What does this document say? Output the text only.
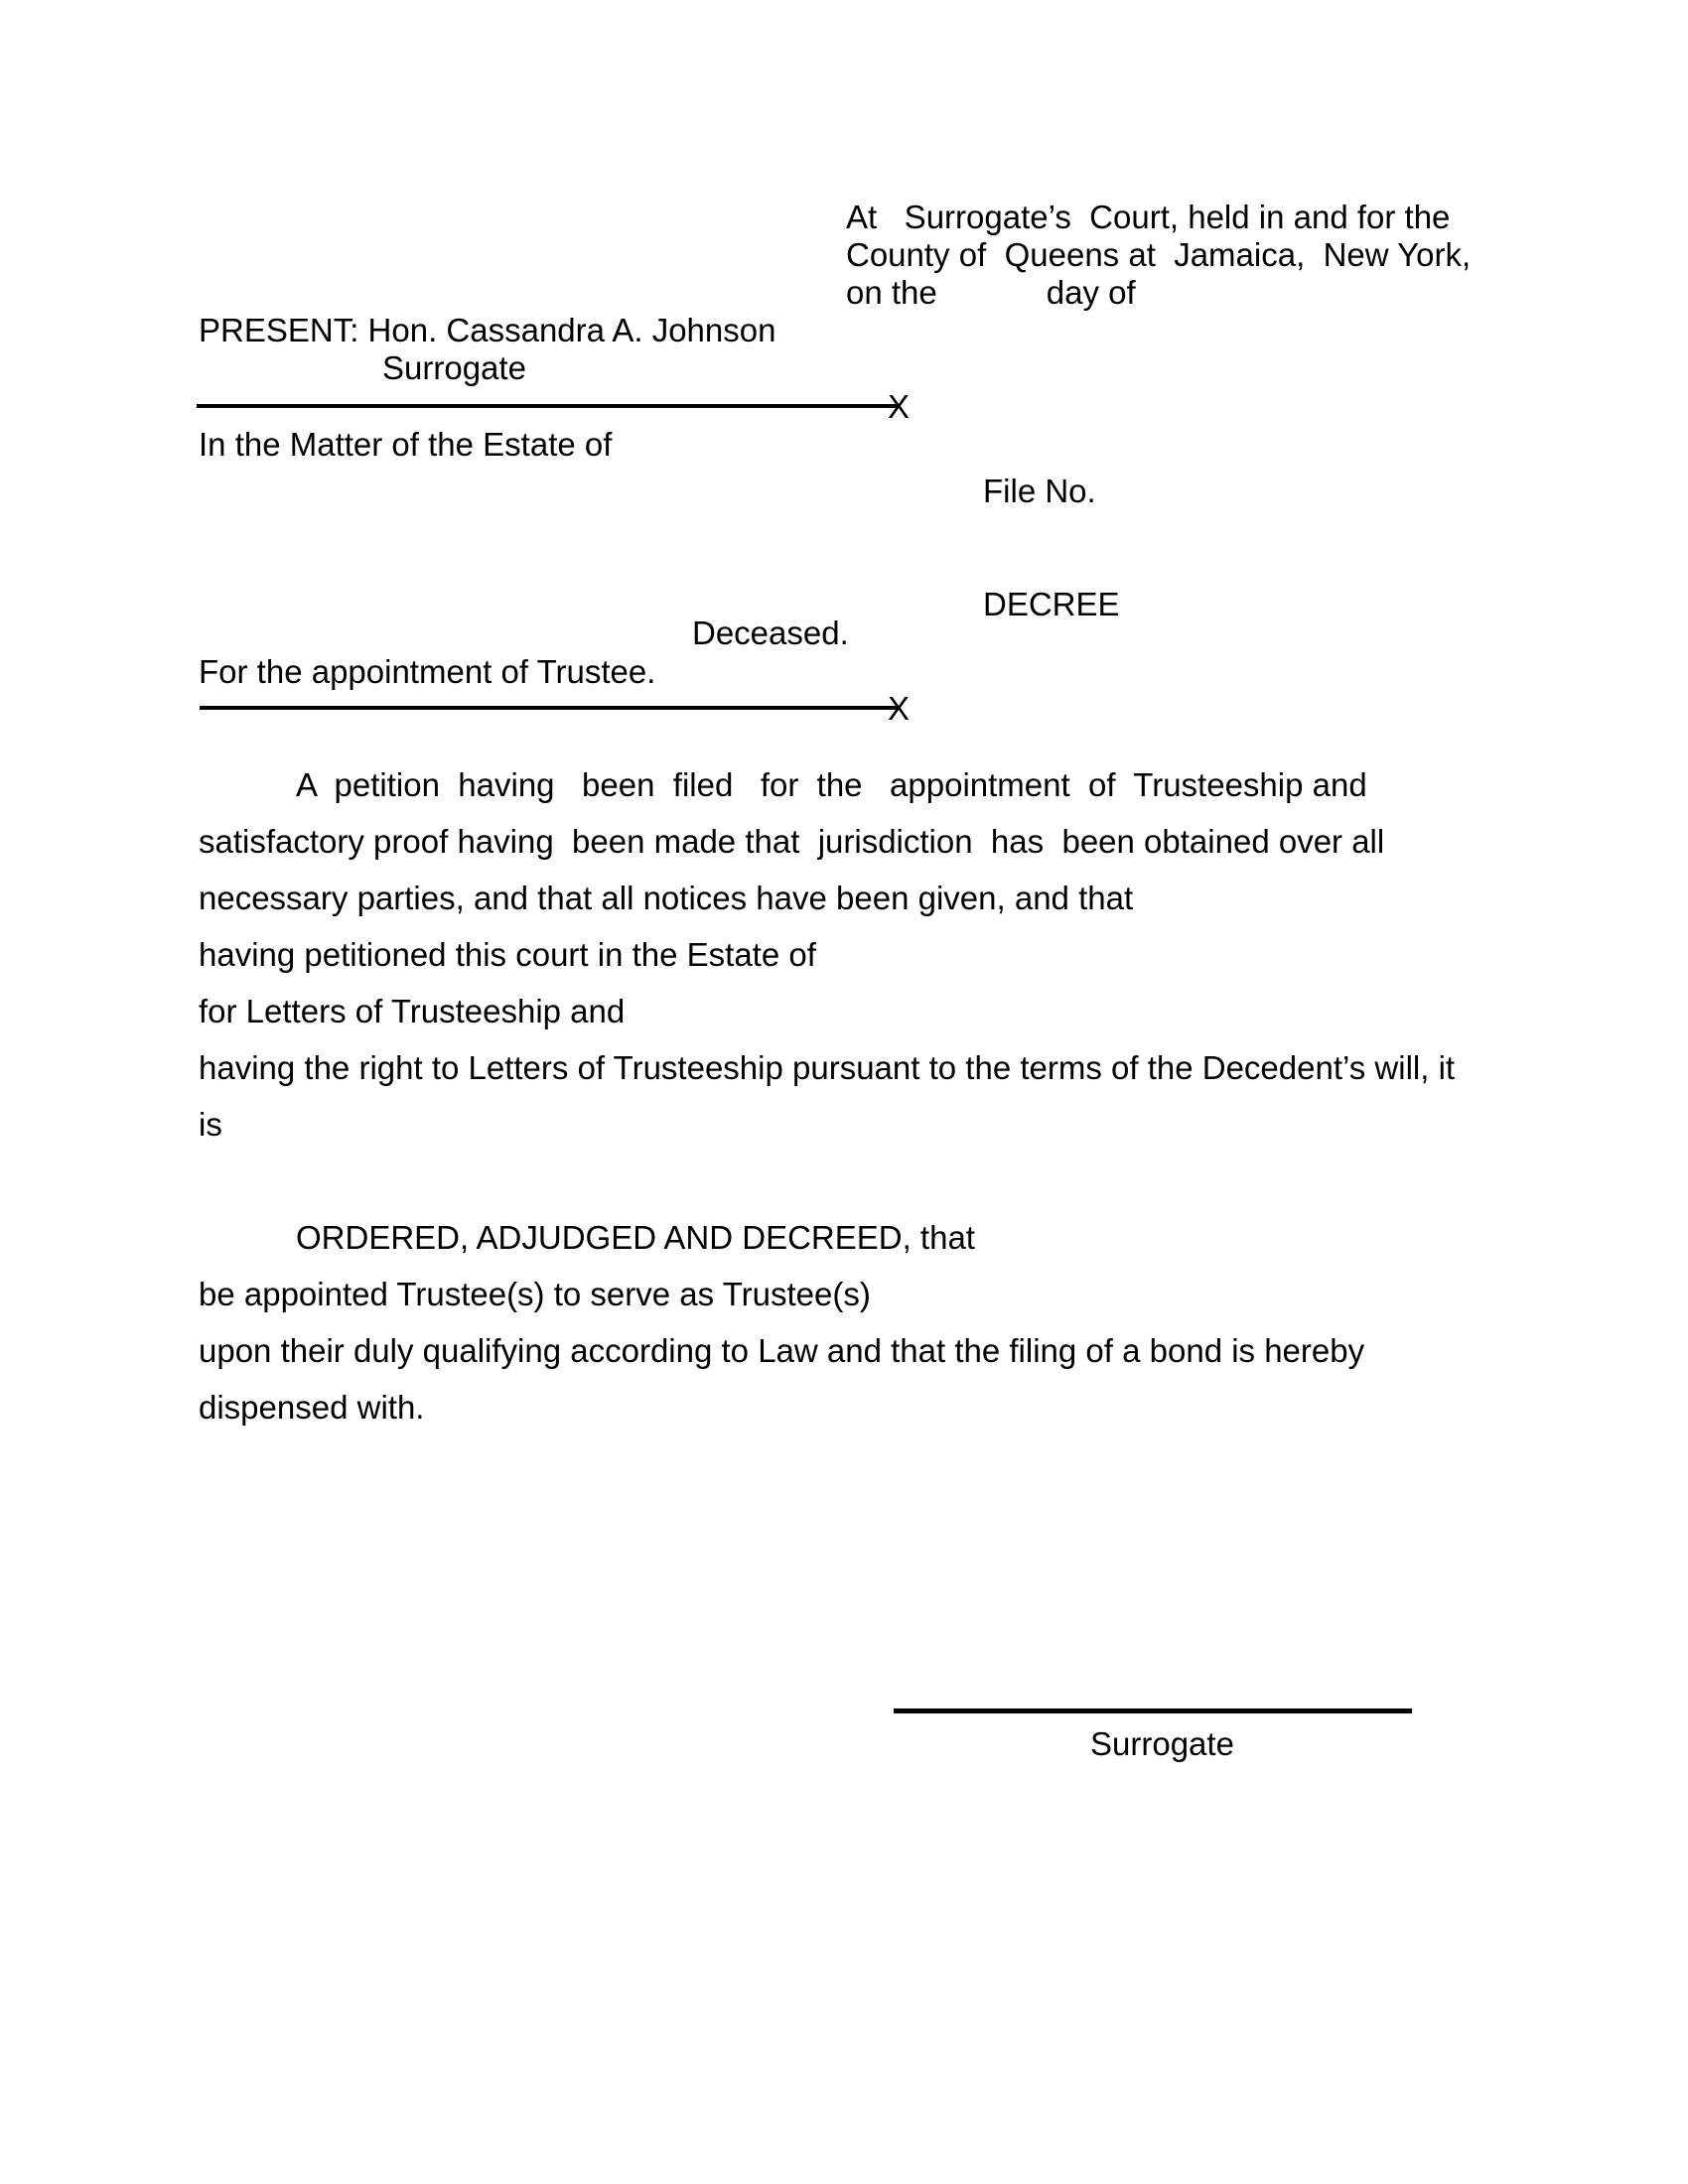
At   Surrogate’s  Court, held in and for the

County of  Queens at  Jamaica,  New York,

on the            day of

PRESENT: Hon. Cassandra A. Johnson

Surrogate

X

In the Matter of the Estate of

File No.

DECREE

Deceased.

For the appointment of Trustee.

X

A  petition  having   been  filed   for  the   appointment  of  Trusteeship and

satisfactory proof having  been made that  jurisdiction  has  been obtained over all

necessary parties, and that all notices have been given, and that

having petitioned this court in the Estate of

for Letters of Trusteeship and

having the right to Letters of Trusteeship pursuant to the terms of the Decedent’s will, it

is

ORDERED, ADJUDGED AND DECREED, that

be appointed Trustee(s) to serve as Trustee(s)

upon their duly qualifying according to Law and that the filing of a bond is hereby

dispensed with.

Surrogate
